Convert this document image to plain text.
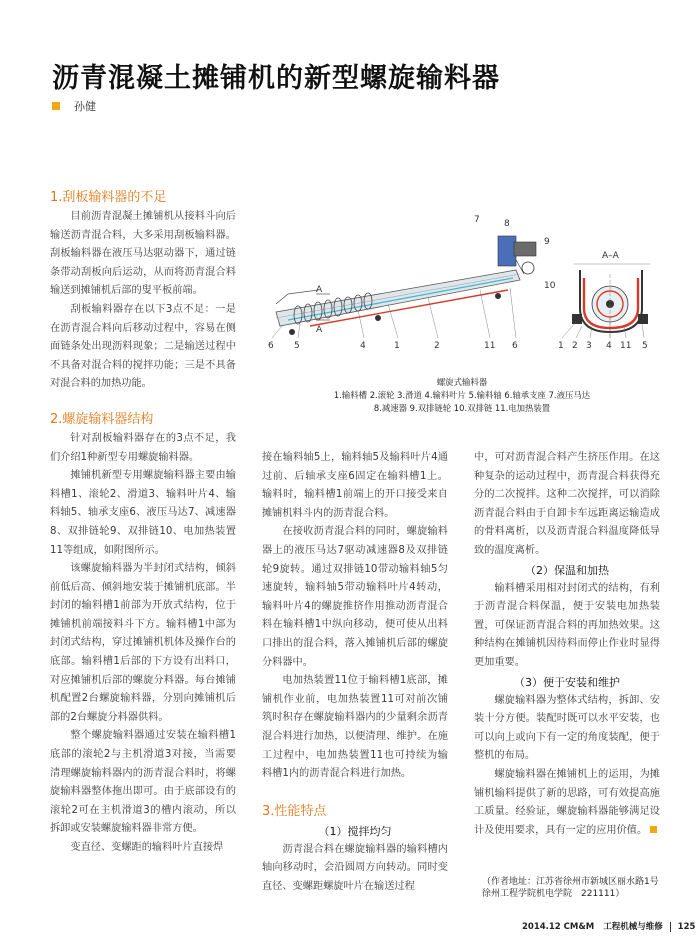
沥青混凝土摊铺机的新型螺旋输料器
孙健
1.刮板输料器的不足

目前沥青混凝土摊铺机从接料斗向后输送沥青混合料，大多采用刮板输料器。刮板输料器在液压马达驱动器下，通过链条带动刮板向后运动，从而将沥青混合料输送到摊铺机后部的叟平板前端。

刮板输料器存在以下3点不足：一是在沥青混合料向后移动过程中，容易在侧面链条处出现沥料现象；二是输送过程中不具备对混合料的搅拌功能；三是不具备对混合料的加热功能。

2.螺旋输料器结构

针对刮板输料器存在的3点不足，我们介绍1种新型专用螺旋输料器。

摊铺机新型专用螺旋输料器主要由输料槽1、滚轮2、滑道3、输料叶片4、输料轴5、轴承支座6、液压马达7、减速器8、双排链轮9、双排链10、电加热装置11等组成，如附图所示。

该螺旋输料器为半封闭式结构，倾斜前低后高、倾斜地安装于摊铺机底部。半封闭的输料槽1前部为开放式结构，位于摊铺机前端接料斗下方。输料槽1中部为封闭式结构，穿过摊铺机机体及操作台的底部。输料槽1后部的下方设有出料口，对应摊铺机后部的螺旋分料器。每台摊铺机配置2台螺旋输料器，分别向摊铺机后部的2台螺旋分料器供料。

整个螺旋输料器通过安装在输料槽1底部的滚轮2与主机滑道3对接，当需要清理螺旋输料器内的沥青混合料时，将螺旋输料器整体拖出即可。由于底部设有的滚轮2可在主机滑道3的槽内滚动，所以拆卸或安装螺旋输料器非常方便。

变直径、变螺距的输料叶片直接焊

A
A
6 5	4	1	2	11 6
7	8
9
10
A–A
1 2 3 4 11 5
螺旋式输料器
1.输料槽 2.滚轮 3.滑道 4.输料叶片 5.输料轴 6.轴承支座 7.液压马达
8.减速器 9.双排链轮 10.双排链 11.电加热装置

接在输料轴5上，输料轴5及输料叶片4通过前、后轴承支座6固定在输料槽1上。输料时，输料槽1前端上的开口接受来自摊铺机料斗内的沥青混合料。

在接收沥青混合料的同时，螺旋输料器上的液压马达7驱动减速器8及双排链轮9旋转。通过双排链10带动输料轴5匀速旋转，输料轴5带动输料叶片4转动，输料叶片4的螺旋推挤作用推动沥青混合料在输料槽1中纵向移动，便可使从出料口排出的混合料，落入摊铺机后部的螺旋分料器中。

电加热装置11位于输料槽1底部，摊铺机作业前，电加热装置11可对前次铺筑时积存在螺旋输料器内的少量剩余沥青混合料进行加热，以便清理、维护。在施工过程中，电加热装置11也可持续为输料槽1内的沥青混合料进行加热。

3.性能特点
（1）搅拌均匀

沥青混合料在螺旋输料器的输料槽内轴向移动时，会沿圆周方向转动。同时变直径、变螺距螺旋叶片在输送过程

中，可对沥青混合料产生挤压作用。在这种复杂的运动过程中，沥青混合料获得充分的二次搅拌。这种二次搅拌，可以消除沥青混合料由于自卸卡车远距离运输造成的骨料离析，以及沥青混合料温度降低导致的温度离析。

（2）保温和加热

输料槽采用相对封闭式的结构，有利于沥青混合料保温，便于安装电加热装置，可保证沥青混合料的再加热效果。这种结构在摊铺机因待料而停止作业时显得更加重要。

（3）便于安装和维护

螺旋输料器为整体式结构，拆卸、安装十分方便。装配时既可以水平安装，也可以向上或向下有一定的角度装配，便于整机的布局。

螺旋输料器在摊铺机上的运用，为摊铺机输料提供了新的思路，可有效提高施工质量。经验证，螺旋输料器能够满足设计及使用要求，具有一定的应用价值。

（作者地址：江苏省徐州市新城区丽水路1号
徐州工程学院机电学院　221111）
2014.12 CM&M 工程机械与维修 125
